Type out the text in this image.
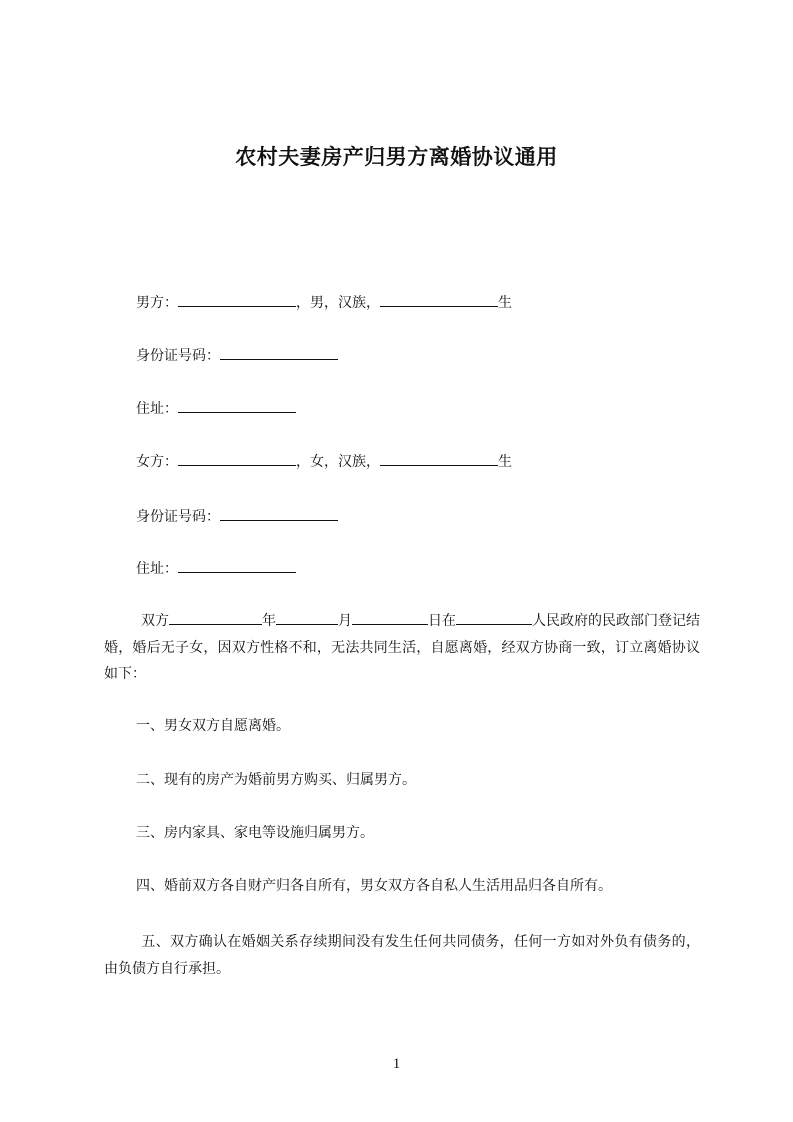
农村夫妻房产归男方离婚协议通用
男方：	，男，汉族，	生
身份证号码：
住址：
女方：	，女，汉族，	生
身份证号码：
住址：
双方	年	月	日在	人民政府的民政部门登记结婚，婚后无子女，因双方性格不和，无法共同生活，自愿离婚，经双方协商一致，订立离婚协议如下：
一、男女双方自愿离婚。
二、现有的房产为婚前男方购买、归属男方。
三、房内家具、家电等设施归属男方。
四、婚前双方各自财产归各自所有，男女双方各自私人生活用品归各自所有。
五、双方确认在婚姻关系存续期间没有发生任何共同债务，任何一方如对外负有债务的，由负债方自行承担。
1
